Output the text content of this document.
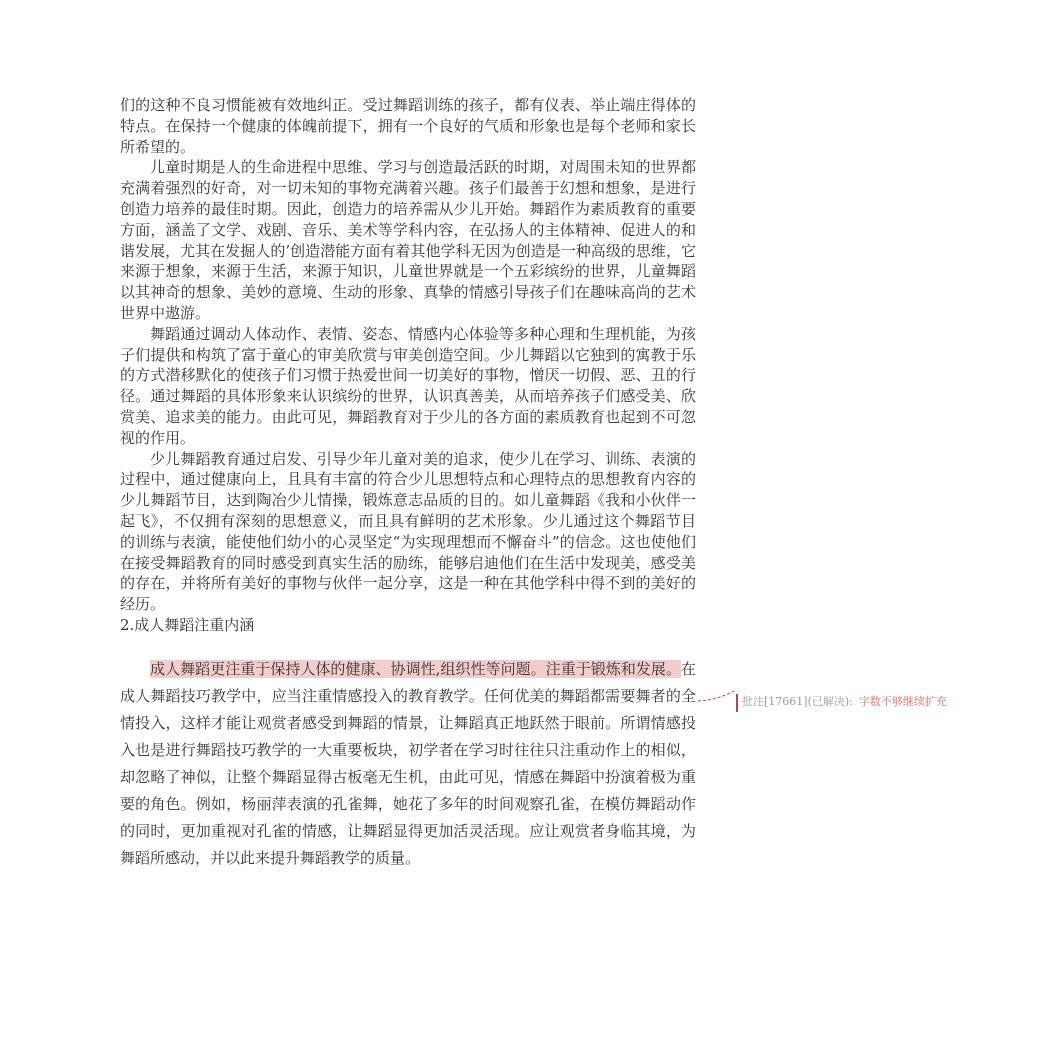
们的这种不良习惯能被有效地纠正。受过舞蹈训练的孩子，都有仪表、举止端庄得体的特点。在保持一个健康的体魄前提下，拥有一个良好的气质和形象也是每个老师和家长所希望的。

儿童时期是人的生命进程中思维、学习与创造最活跃的时期，对周围未知的世界都充满着强烈的好奇，对一切未知的事物充满着兴趣。孩子们最善于幻想和想象，是进行创造力培养的最佳时期。因此，创造力的培养需从少儿开始。舞蹈作为素质教育的重要方面，涵盖了文学、戏剧、音乐、美术等学科内容，在弘扬人的主体精神、促进人的和谐发展，尤其在发掘人的’创造潜能方面有着其他学科无因为创造是一种高级的思维，它来源于想象，来源于生活，来源于知识，儿童世界就是一个五彩缤纷的世界，儿童舞蹈以其神奇的想象、美妙的意境、生动的形象、真挚的情感引导孩子们在趣味高尚的艺术世界中遨游。

舞蹈通过调动人体动作、表情、姿态、情感内心体验等多种心理和生理机能，为孩子们提供和构筑了富于童心的审美欣赏与审美创造空间。少儿舞蹈以它独到的寓教于乐的方式潜移默化的使孩子们习惯于热爱世间一切美好的事物，憎厌一切假、恶、丑的行径。通过舞蹈的具体形象来认识缤纷的世界，认识真善美，从而培养孩子们感受美、欣赏美、追求美的能力。由此可见，舞蹈教育对于少儿的各方面的素质教育也起到不可忽视的作用。

少儿舞蹈教育通过启发、引导少年儿童对美的追求，使少儿在学习、训练、表演的过程中，通过健康向上，且具有丰富的符合少儿思想特点和心理特点的思想教育内容的少儿舞蹈节目，达到陶冶少儿情操，锻炼意志品质的目的。如儿童舞蹈《我和小伙伴一起飞》，不仅拥有深刻的思想意义，而且具有鲜明的艺术形象。少儿通过这个舞蹈节目的训练与表演，能使他们幼小的心灵坚定“为实现理想而不懈奋斗”的信念。这也使他们在接受舞蹈教育的同时感受到真实生活的励练，能够启迪他们在生活中发现美，感受美的存在，并将所有美好的事物与伙伴一起分享，这是一种在其他学科中得不到的美好的经历。

2.成人舞蹈注重内涵

成人舞蹈更注重于保持人体的健康、协调性,组织性等问题。注重于锻炼和发展。在成人舞蹈技巧教学中，应当注重情感投入的教育教学。任何优美的舞蹈都需要舞者的全情投入，这样才能让观赏者感受到舞蹈的情景，让舞蹈真正地跃然于眼前。所谓情感投入也是进行舞蹈技巧教学的一大重要板块，初学者在学习时往往只注重动作上的相似，却忽略了神似，让整个舞蹈显得古板毫无生机，由此可见，情感在舞蹈中扮演着极为重要的角色。例如，杨丽萍表演的孔雀舞，她花了多年的时间观察孔雀，在模仿舞蹈动作的同时，更加重视对孔雀的情感，让舞蹈显得更加活灵活现。应让观赏者身临其境，为舞蹈所感动，并以此来提升舞蹈教学的质量。

批注[17661](已解决): 字数不够继续扩充
